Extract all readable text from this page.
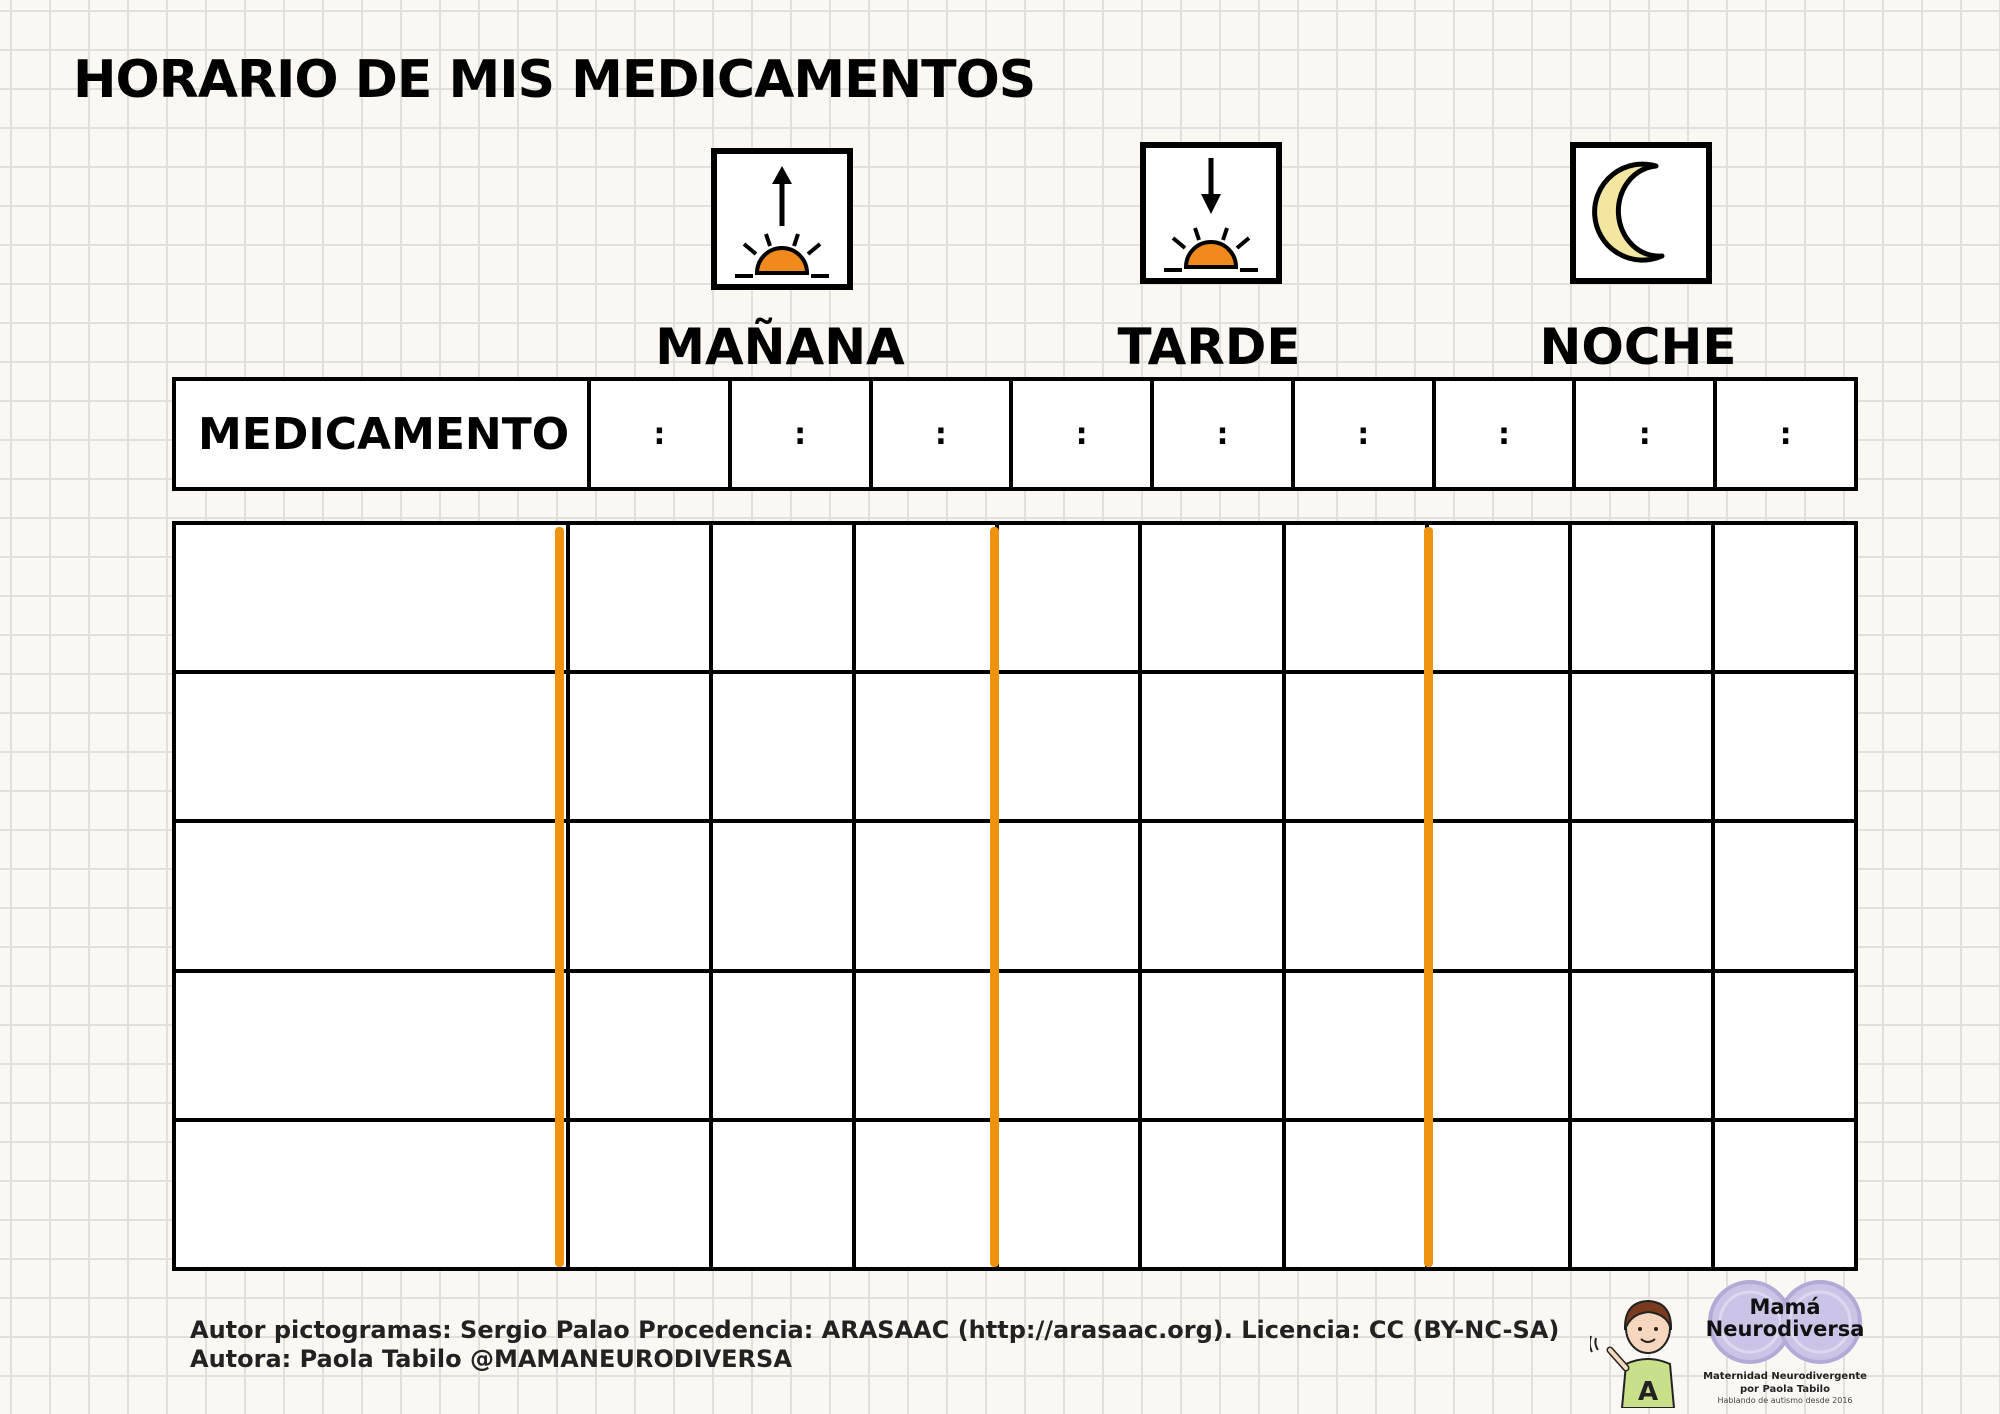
HORARIO DE MIS MEDICAMENTOS
MAÑANA	TARDE	NOCHE
MEDICAMENTO	:	:	:	:	:	:	:	:	:

Autor pictogramas: Sergio Palao Procedencia: ARASAAC (http://arasaac.org). Licencia: CC (BY-NC-SA)
Autora: Paola Tabilo @MAMANEURODIVERSA
A
Mamá
Neurodiversa
Maternidad Neurodivergente
por Paola Tabilo
Hablando de autismo desde 2016
